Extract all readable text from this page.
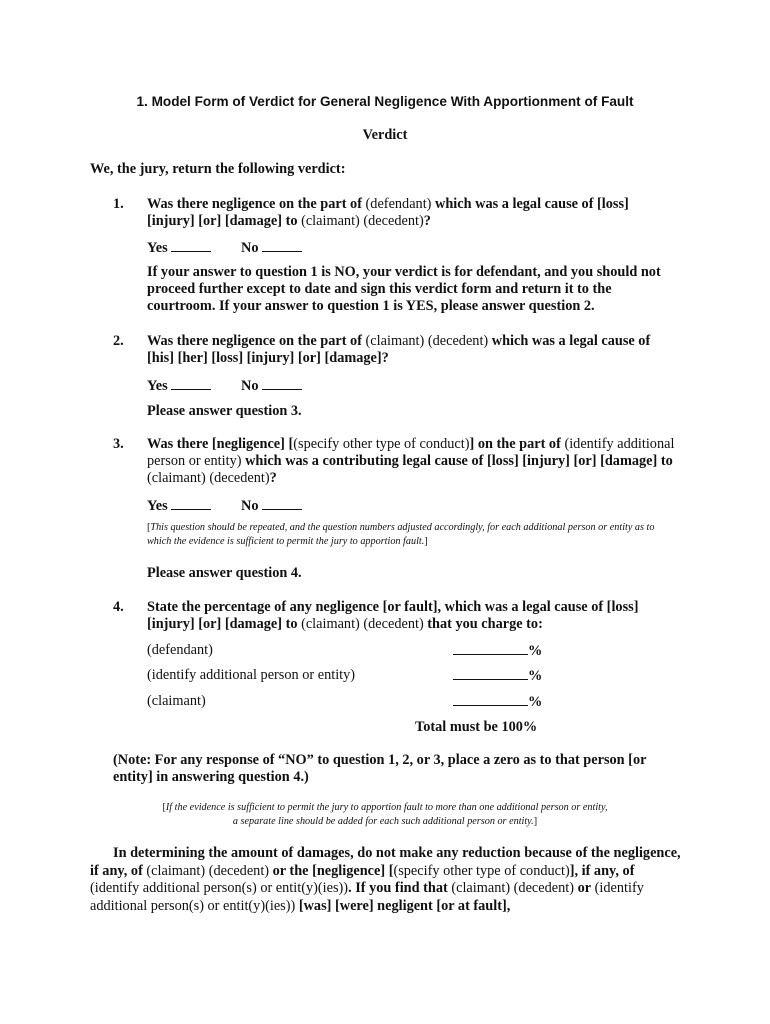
1. Model Form of Verdict for General Negligence With Apportionment of Fault
Verdict
We, the jury, return the following verdict:
1. Was there negligence on the part of (defendant) which was a legal cause of [loss] [injury] [or] [damage] to (claimant) (decedent)?
Yes	No
If your answer to question 1 is NO, your verdict is for defendant, and you should not proceed further except to date and sign this verdict form and return it to the courtroom. If your answer to question 1 is YES, please answer question 2.
2. Was there negligence on the part of (claimant) (decedent) which was a legal cause of [his] [her] [loss] [injury] [or] [damage]?
Yes	No
Please answer question 3.
3. Was there [negligence] [(specify other type of conduct)] on the part of (identify additional person or entity) which was a contributing legal cause of [loss] [injury] [or] [damage] to (claimant) (decedent)?
Yes	No
[This question should be repeated, and the question numbers adjusted accordingly, for each additional person or entity as to which the evidence is sufficient to permit the jury to apportion fault.]
Please answer question 4.
4. State the percentage of any negligence [or fault], which was a legal cause of [loss] [injury] [or] [damage] to (claimant) (decedent) that you charge to:
(defendant)	%
(identify additional person or entity)	%
(claimant)	%
Total must be 100%
(Note: For any response of “NO” to question 1, 2, or 3, place a zero as to that person [or entity] in answering question 4.)
[If the evidence is sufficient to permit the jury to apportion fault to more than one additional person or entity,
a separate line should be added for each such additional person or entity.]
In determining the amount of damages, do not make any reduction because of the negligence, if any, of (claimant) (decedent) or the [negligence] [(specify other type of conduct)], if any, of (identify additional person(s) or entit(y)(ies)). If you find that (claimant) (decedent) or (identify additional person(s) or entit(y)(ies)) [was] [were] negligent [or at fault],
